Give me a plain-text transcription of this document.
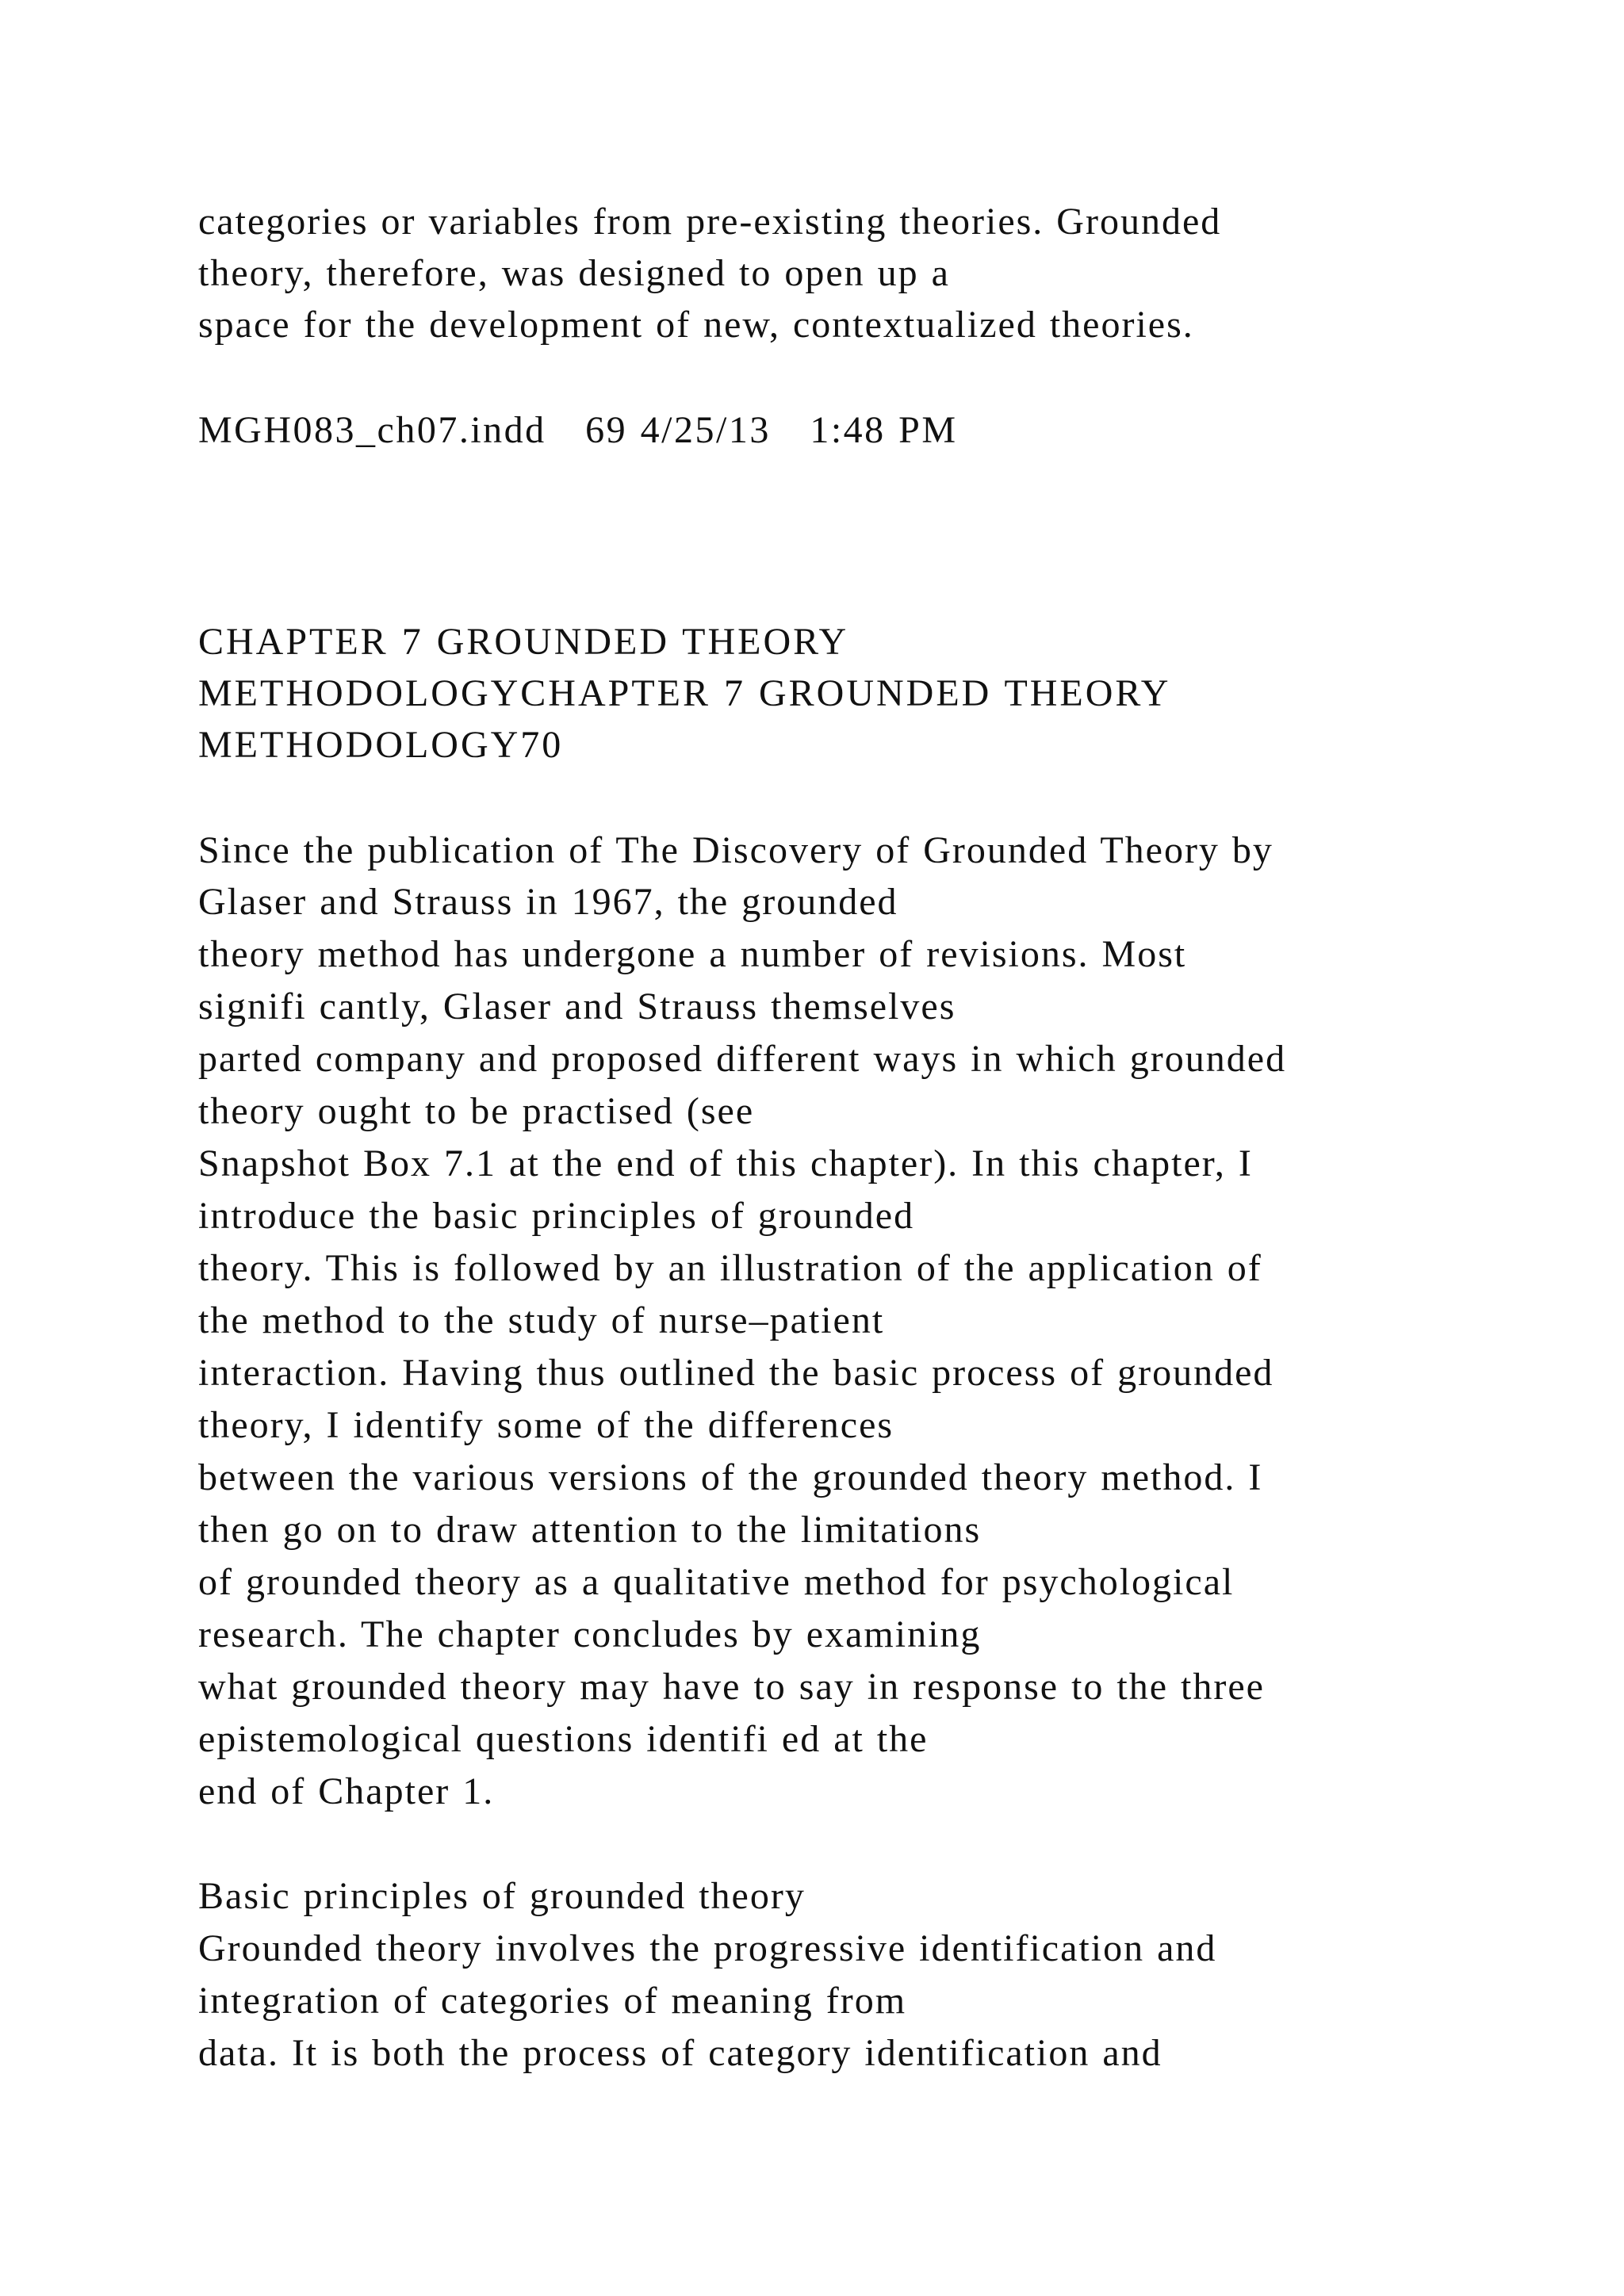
categories or variables from pre-existing theories. Grounded
theory, therefore, was designed to open up a
space for the development of new, contextualized theories.
MGH083_ch07.indd   69 4/25/13   1:48 PM
CHAPTER 7 GROUNDED THEORY
METHODOLOGYCHAPTER 7 GROUNDED THEORY
METHODOLOGY70
Since the publication of The Discovery of Grounded Theory by
Glaser and Strauss in 1967, the grounded
theory method has undergone a number of revisions. Most
signifi cantly, Glaser and Strauss themselves
parted company and proposed different ways in which grounded
theory ought to be practised (see
Snapshot Box 7.1 at the end of this chapter). In this chapter, I
introduce the basic principles of grounded
theory. This is followed by an illustration of the application of
the method to the study of nurse–patient
interaction. Having thus outlined the basic process of grounded
theory, I identify some of the differences
between the various versions of the grounded theory method. I
then go on to draw attention to the limitations
of grounded theory as a qualitative method for psychological
research. The chapter concludes by examining
what grounded theory may have to say in response to the three
epistemological questions identifi ed at the
end of Chapter 1.
Basic principles of grounded theory
Grounded theory involves the progressive identification and
integration of categories of meaning from
data. It is both the process of category identification and
